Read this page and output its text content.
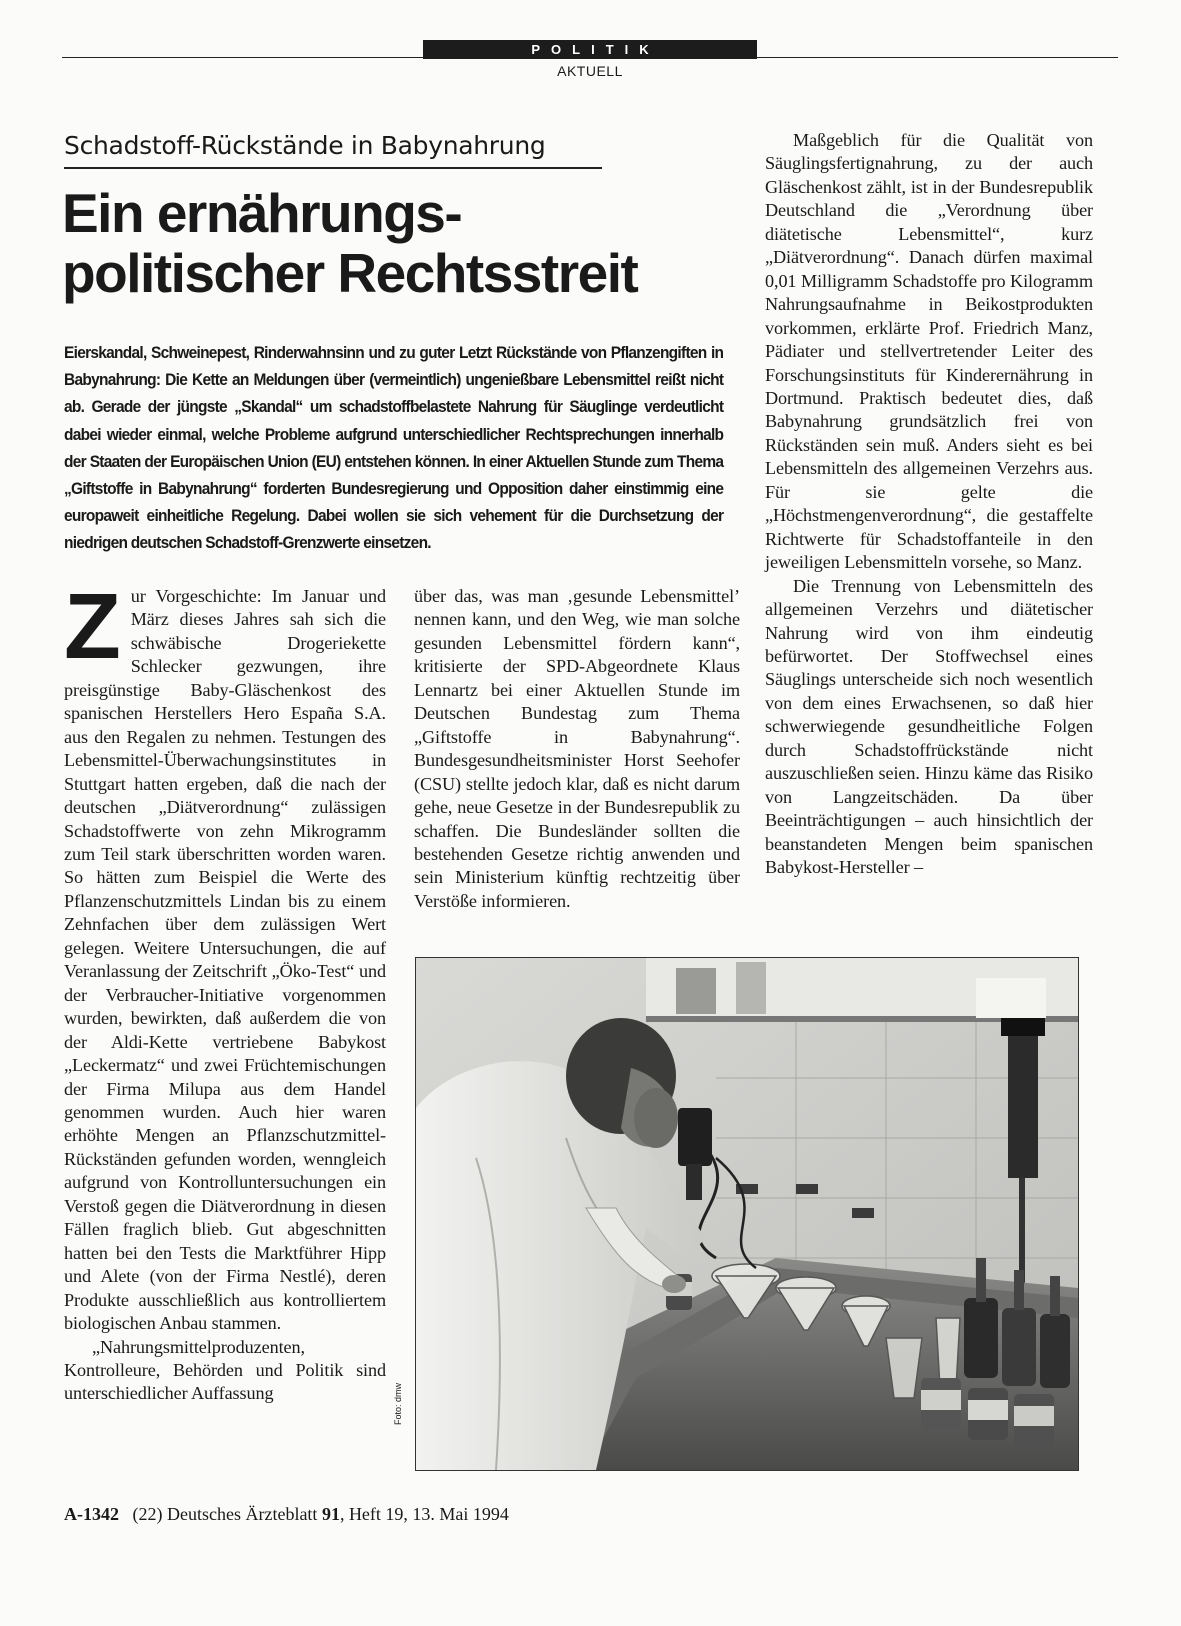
POLITIK
AKTUELL
Schadstoff-Rückstände in Babynahrung
Ein ernährungs-
politischer Rechtsstreit
Eierskandal, Schweinepest, Rinderwahnsinn und zu guter Letzt Rückstände von Pflanzengiften in Babynahrung: Die Kette an Meldungen über (vermeintlich) ungenießbare Lebensmittel reißt nicht ab. Gerade der jüngste „Skandal“ um schadstoffbelastete Nahrung für Säuglinge verdeutlicht dabei wieder einmal, welche Probleme aufgrund unterschiedlicher Rechtsprechungen innerhalb der Staaten der Europäischen Union (EU) entstehen können. In einer Aktuellen Stunde zum Thema „Giftstoffe in Babynahrung“ forderten Bundesregierung und Opposition daher einstimmig eine europaweit einheitliche Regelung. Dabei wollen sie sich vehement für die Durchsetzung der niedrigen deutschen Schadstoff-Grenzwerte einsetzen.

Zur Vorgeschichte: Im Januar und März dieses Jahres sah sich die schwäbische Drogeriekette Schlecker gezwungen, ihre preisgünstige Baby-Gläschenkost des spanischen Herstellers Hero España S.A. aus den Regalen zu nehmen. Testungen des Lebensmittel-Überwachungsinstitutes in Stuttgart hatten ergeben, daß die nach der deutschen „Diätverordnung“ zulässigen Schadstoffwerte von zehn Mikrogramm zum Teil stark überschritten worden waren. So hätten zum Beispiel die Werte des Pflanzenschutzmittels Lindan bis zu einem Zehnfachen über dem zulässigen Wert gelegen. Weitere Untersuchungen, die auf Veranlassung der Zeitschrift „Öko-Test“ und der Verbraucher-Initiative vorgenommen wurden, bewirkten, daß außerdem die von der Aldi-Kette vertriebene Babykost „Leckermatz“ und zwei Früchtemischungen der Firma Milupa aus dem Handel genommen wurden. Auch hier waren erhöhte Mengen an Pflanzschutzmittel-Rückständen gefunden worden, wenngleich aufgrund von Kontrolluntersuchungen ein Verstoß gegen die Diätverordnung in diesen Fällen fraglich blieb. Gut abgeschnitten hatten bei den Tests die Marktführer Hipp und Alete (von der Firma Nestlé), deren Produkte ausschließlich aus kontrolliertem biologischen Anbau stammen.

„Nahrungsmittelproduzenten, Kontrolleure, Behörden und Politik sind unterschiedlicher Auffassung

über das, was man ‚gesunde Lebensmittel’ nennen kann, und den Weg, wie man solche gesunden Lebensmittel fördern kann“, kritisierte der SPD-Abgeordnete Klaus Lennartz bei einer Aktuellen Stunde im Deutschen Bundestag zum Thema „Giftstoffe in Babynahrung“. Bundesgesundheitsminister Horst Seehofer (CSU) stellte jedoch klar, daß es nicht darum gehe, neue Gesetze in der Bundesrepublik zu schaffen. Die Bundesländer sollten die bestehenden Gesetze richtig anwenden und sein Ministerium künftig rechtzeitig über Verstöße informieren.

Maßgeblich für die Qualität von Säuglingsfertignahrung, zu der auch Gläschenkost zählt, ist in der Bundesrepublik Deutschland die „Verordnung über diätetische Lebensmittel“, kurz „Diätverordnung“. Danach dürfen maximal 0,01 Milligramm Schadstoffe pro Kilogramm Nahrungsaufnahme in Beikostprodukten vorkommen, erklärte Prof. Friedrich Manz, Pädiater und stellvertretender Leiter des Forschungsinstituts für Kinderernährung in Dortmund. Praktisch bedeutet dies, daß Babynahrung grundsätzlich frei von Rückständen sein muß. Anders sieht es bei Lebensmitteln des allgemeinen Verzehrs aus. Für sie gelte die „Höchstmengenverordnung“, die gestaffelte Richtwerte für Schadstoffanteile in den jeweiligen Lebensmitteln vorsehe, so Manz.

Die Trennung von Lebensmitteln des allgemeinen Verzehrs und diätetischer Nahrung wird von ihm eindeutig befürwortet. Der Stoffwechsel eines Säuglings unterscheide sich noch wesentlich von dem eines Erwachsenen, so daß hier schwerwiegende gesundheitliche Folgen durch Schadstoffrückstände nicht auszuschließen seien. Hinzu käme das Risiko von Langzeitschäden. Da über Beeinträchtigungen – auch hinsichtlich der beanstandeten Mengen beim spanischen Babykost-Hersteller –

Foto: dmw
A-1342 (22) Deutsches Ärzteblatt 91, Heft 19, 13. Mai 1994
